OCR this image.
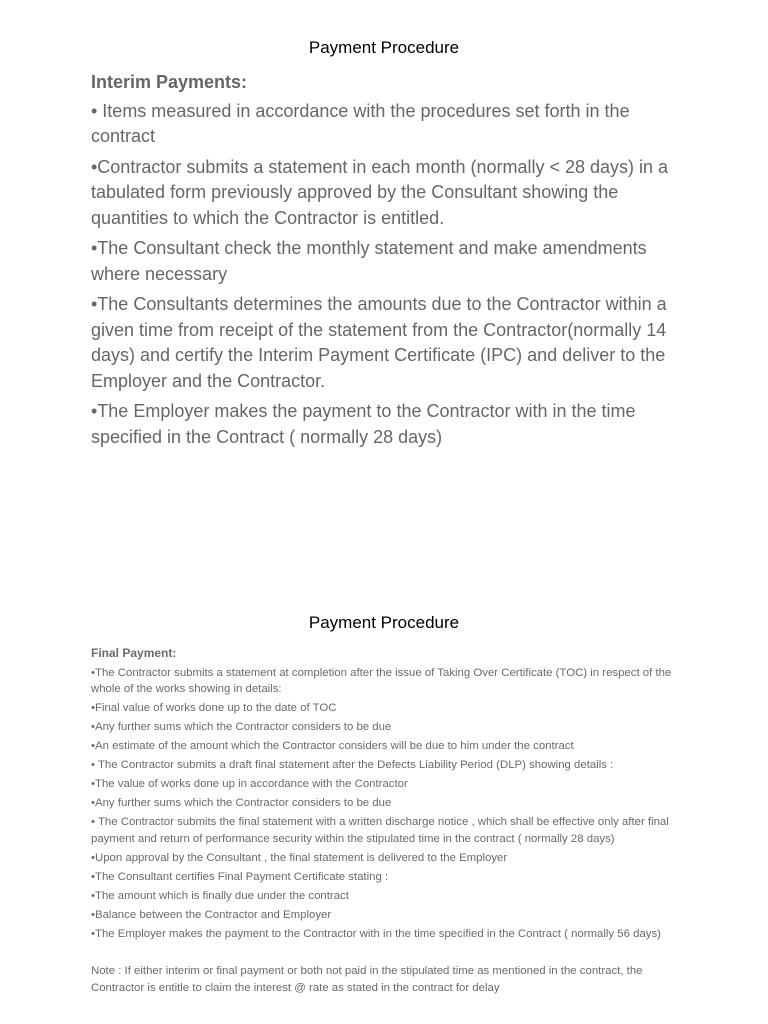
Payment Procedure
Interim Payments:
• Items measured in accordance with the procedures set forth in the contract
•Contractor submits a statement in each month (normally < 28 days) in a tabulated form previously approved by the Consultant showing the quantities to which the Contractor is entitled.
•The Consultant check the monthly statement and make amendments where necessary
•The Consultants determines the amounts due to the Contractor within a given time from receipt of the statement from the Contractor(normally 14 days) and certify the Interim Payment Certificate (IPC) and deliver to the Employer and the Contractor.
•The Employer makes the payment to the Contractor with in the time specified in the Contract ( normally 28 days)
Payment Procedure
Final Payment:
•The Contractor submits a statement at completion after the issue of Taking Over Certificate (TOC) in respect of the whole of the works showing in details:
•Final value of works done up to the date of TOC
•Any further sums which the Contractor considers to be due
•An estimate of the amount which the Contractor considers will be due to him under the contract
• The Contractor submits a draft final statement after the Defects Liability Period (DLP) showing details :
•The value of works done up in accordance with the Contractor
•Any further sums which the Contractor considers to be due
• The Contractor submits the final statement with a written discharge notice , which shall be effective only after final payment and return of performance security within the stipulated time in the contract ( normally 28 days)
•Upon approval by the Consultant , the final statement is delivered to the Employer
•The Consultant certifies Final Payment Certificate stating :
•The amount which is finally due under the contract
•Balance between the Contractor and Employer
•The Employer makes the payment to the Contractor with in the time specified in the Contract ( normally 56 days)
Note : If either interim or final payment or both not paid in the stipulated time as mentioned in the contract, the Contractor is entitle to claim the interest @ rate as stated in the contract for delay
